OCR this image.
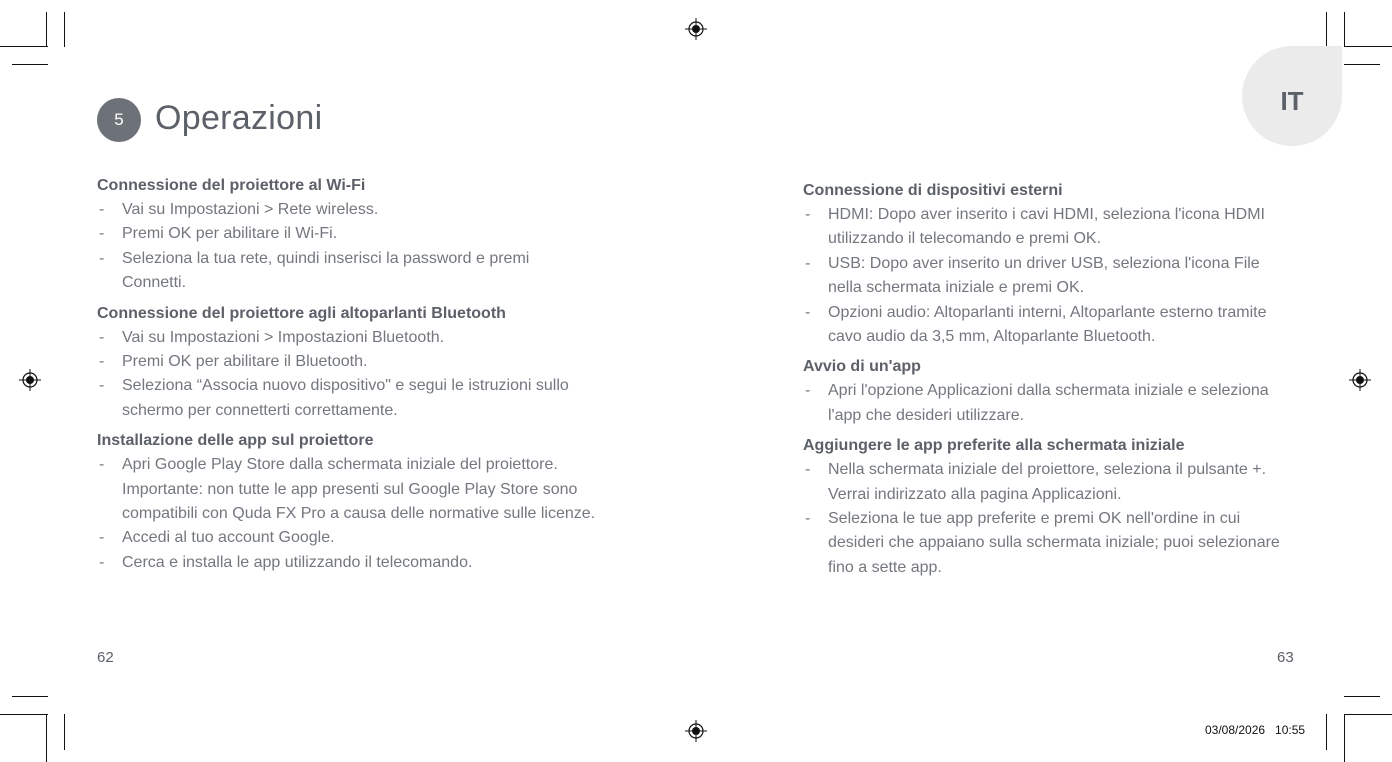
5 Operazioni	IT
Connessione del proiettore al Wi-Fi
- Vai su Impostazioni > Rete wireless.
- Premi OK per abilitare il Wi-Fi.
- Seleziona la tua rete, quindi inserisci la password e premi Connetti.
Connessione del proiettore agli altoparlanti Bluetooth
- Vai su Impostazioni > Impostazioni Bluetooth.
- Premi OK per abilitare il Bluetooth.
- Seleziona “Associa nuovo dispositivo" e segui le istruzioni sullo schermo per connetterti correttamente.
Installazione delle app sul proiettore
- Apri Google Play Store dalla schermata iniziale del proiettore. Importante: non tutte le app presenti sul Google Play Store sono compatibili con Quda FX Pro a causa delle normative sulle licenze.
- Accedi al tuo account Google.
- Cerca e installa le app utilizzando il telecomando.
Connessione di dispositivi esterni
- HDMI: Dopo aver inserito i cavi HDMI, seleziona l'icona HDMI utilizzando il telecomando e premi OK.
- USB: Dopo aver inserito un driver USB, seleziona l'icona File nella schermata iniziale e premi OK.
- Opzioni audio: Altoparlanti interni, Altoparlante esterno tramite cavo audio da 3,5 mm, Altoparlante Bluetooth.
Avvio di un'app
- Apri l'opzione Applicazioni dalla schermata iniziale e seleziona l'app che desideri utilizzare.
Aggiungere le app preferite alla schermata iniziale
- Nella schermata iniziale del proiettore, seleziona il pulsante +. Verrai indirizzato alla pagina Applicazioni.
- Seleziona le tue app preferite e premi OK nell'ordine in cui desideri che appaiano sulla schermata iniziale; puoi selezionare fino a sette app.
62	63
03/08/2026   10:55
